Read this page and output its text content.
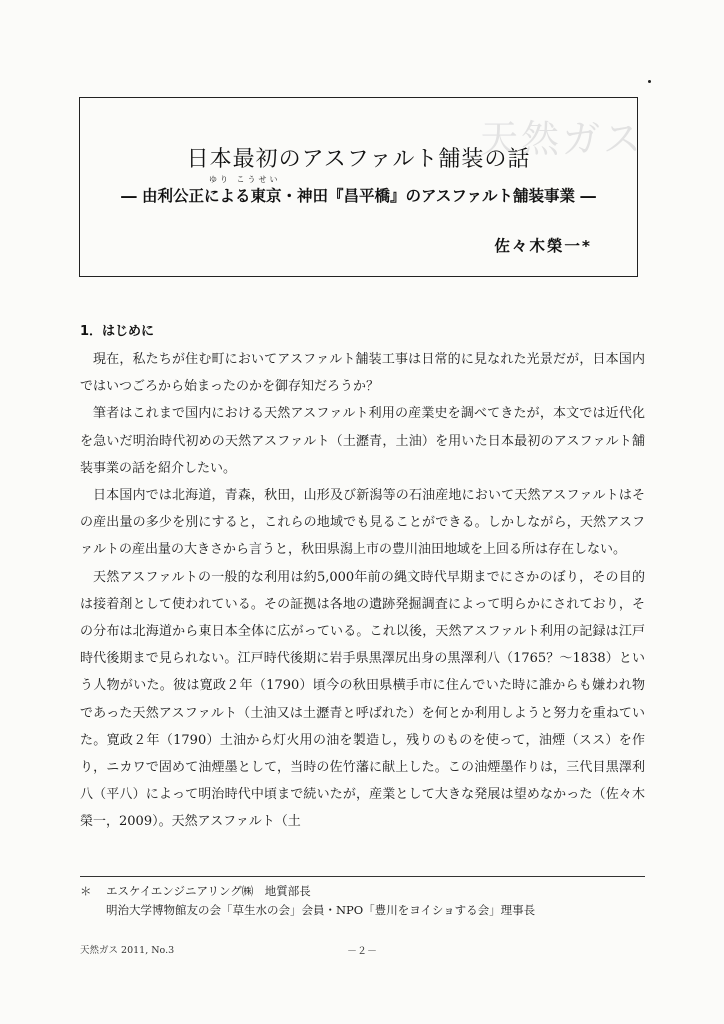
天然ガス
ゆり こうせい
日本最初のアスファルト舗装の話
― 由利公正による東京・神田『昌平橋』のアスファルト舗装事業 ―
佐々木榮一*
1．はじめに

現在，私たちが住む町においてアスファルト舗装工事は日常的に見なれた光景だが，日本国内ではいつごろから始まったのかを御存知だろうか？

筆者はこれまで国内における天然アスファルト利用の産業史を調べてきたが，本文では近代化を急いだ明治時代初めの天然アスファルト（土瀝青，土油）を用いた日本最初のアスファルト舗装事業の話を紹介したい。

日本国内では北海道，青森，秋田，山形及び新潟等の石油産地において天然アスファルトはその産出量の多少を別にすると，これらの地域でも見ることができる。しかしながら，天然アスファルトの産出量の大きさから言うと，秋田県潟上市の豊川油田地域を上回る所は存在しない。

天然アスファルトの一般的な利用は約5,000年前の縄文時代早期までにさかのぼり，その目的は接着剤として使われている。その証拠は各地の遺跡発掘調査によって明らかにされており，その分布は北海道から東日本全体に広がっている。これ以後，天然アスファルト利用の記録は江戸時代後期まで見られない。江戸時代後期に岩手県黒澤尻出身の黒澤利八（1765？～1838）という人物がいた。彼は寛政２年（1790）頃今の秋田県横手市に住んでいた時に誰からも嫌われ物であった天然アスファルト（土油又は土瀝青と呼ばれた）を何とか利用しようと努力を重ねていた。寛政２年（1790）土油から灯火用の油を製造し，残りのものを使って，油煙（スス）を作り，ニカワで固めて油煙墨として，当時の佐竹藩に献上した。この油煙墨作りは，三代目黒澤利八（平八）によって明治時代中頃まで続いたが，産業として大きな発展は望めなかった（佐々木榮一，2009）。天然アスファルト（土

＊ エスケイエンジニアリング㈱　地質部長
明治大学博物館友の会「草生水の会」会員・NPO「豊川をヨイショする会」理事長
天然ガス 2011, No.3	－２－
